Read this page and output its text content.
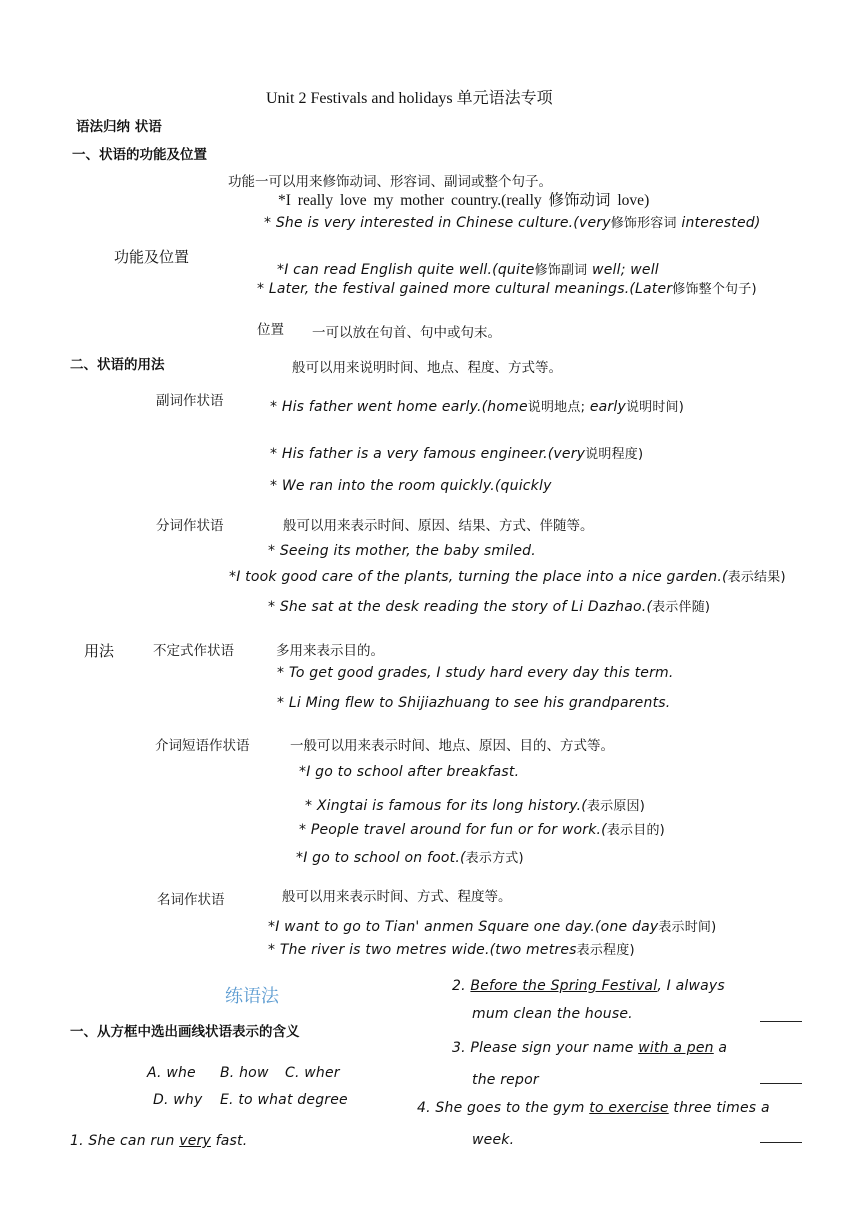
Unit 2 Festivals and holidays 单元语法专项
语法归纳 状语
一、状语的功能及位置
功能一可以用来修饰动词、形容词、副词或整个句子。
*I really love my mother country.(really 修饰动词 love)
* She is very interested in Chinese culture.(very修饰形容词 interested)
功能及位置
*I can read English quite well.(quite修饰副词 well; well
* Later, the festival gained more cultural meanings.(Later修饰整个句子)
位置 一可以放在句首、句中或句末。
二、状语的用法	般可以用来说明时间、地点、程度、方式等。
副词作状语	* His father went home early.(home说明地点; early说明时间)
* His father is a very famous engineer.(very说明程度)
* We ran into the room quickly.(quickly
分词作状语	般可以用来表示时间、原因、结果、方式、伴随等。
* Seeing its mother, the baby smiled.
*I took good care of the plants, turning the place into a nice garden.(表示结果)
* She sat at the desk reading the story of Li Dazhao.(表示伴随)
用法	不定式作状语	多用来表示目的。
* To get good grades, I study hard every day this term.
* Li Ming flew to Shijiazhuang to see his grandparents.
介词短语作状语	一般可以用来表示时间、地点、原因、目的、方式等。
*I go to school after breakfast.
* Xingtai is famous for its long history.(表示原因)
* People travel around for fun or for work.(表示目的)
*I go to school on foot.(表示方式)
名词作状语	般可以用来表示时间、方式、程度等。
*I want to go to Tian' anmen Square one day.(one day表示时间)
* The river is two metres wide.(two metres表示程度)
练语法
一、从方框中选出画线状语表示的含义
A. whe B. how C. wher
D. why E. to what degree
1. She can run very fast.
2. Before the Spring Festival, I always
mum clean the house.
3. Please sign your name with a pen a
the repor
4. She goes to the gym to exercise three times a
week.
